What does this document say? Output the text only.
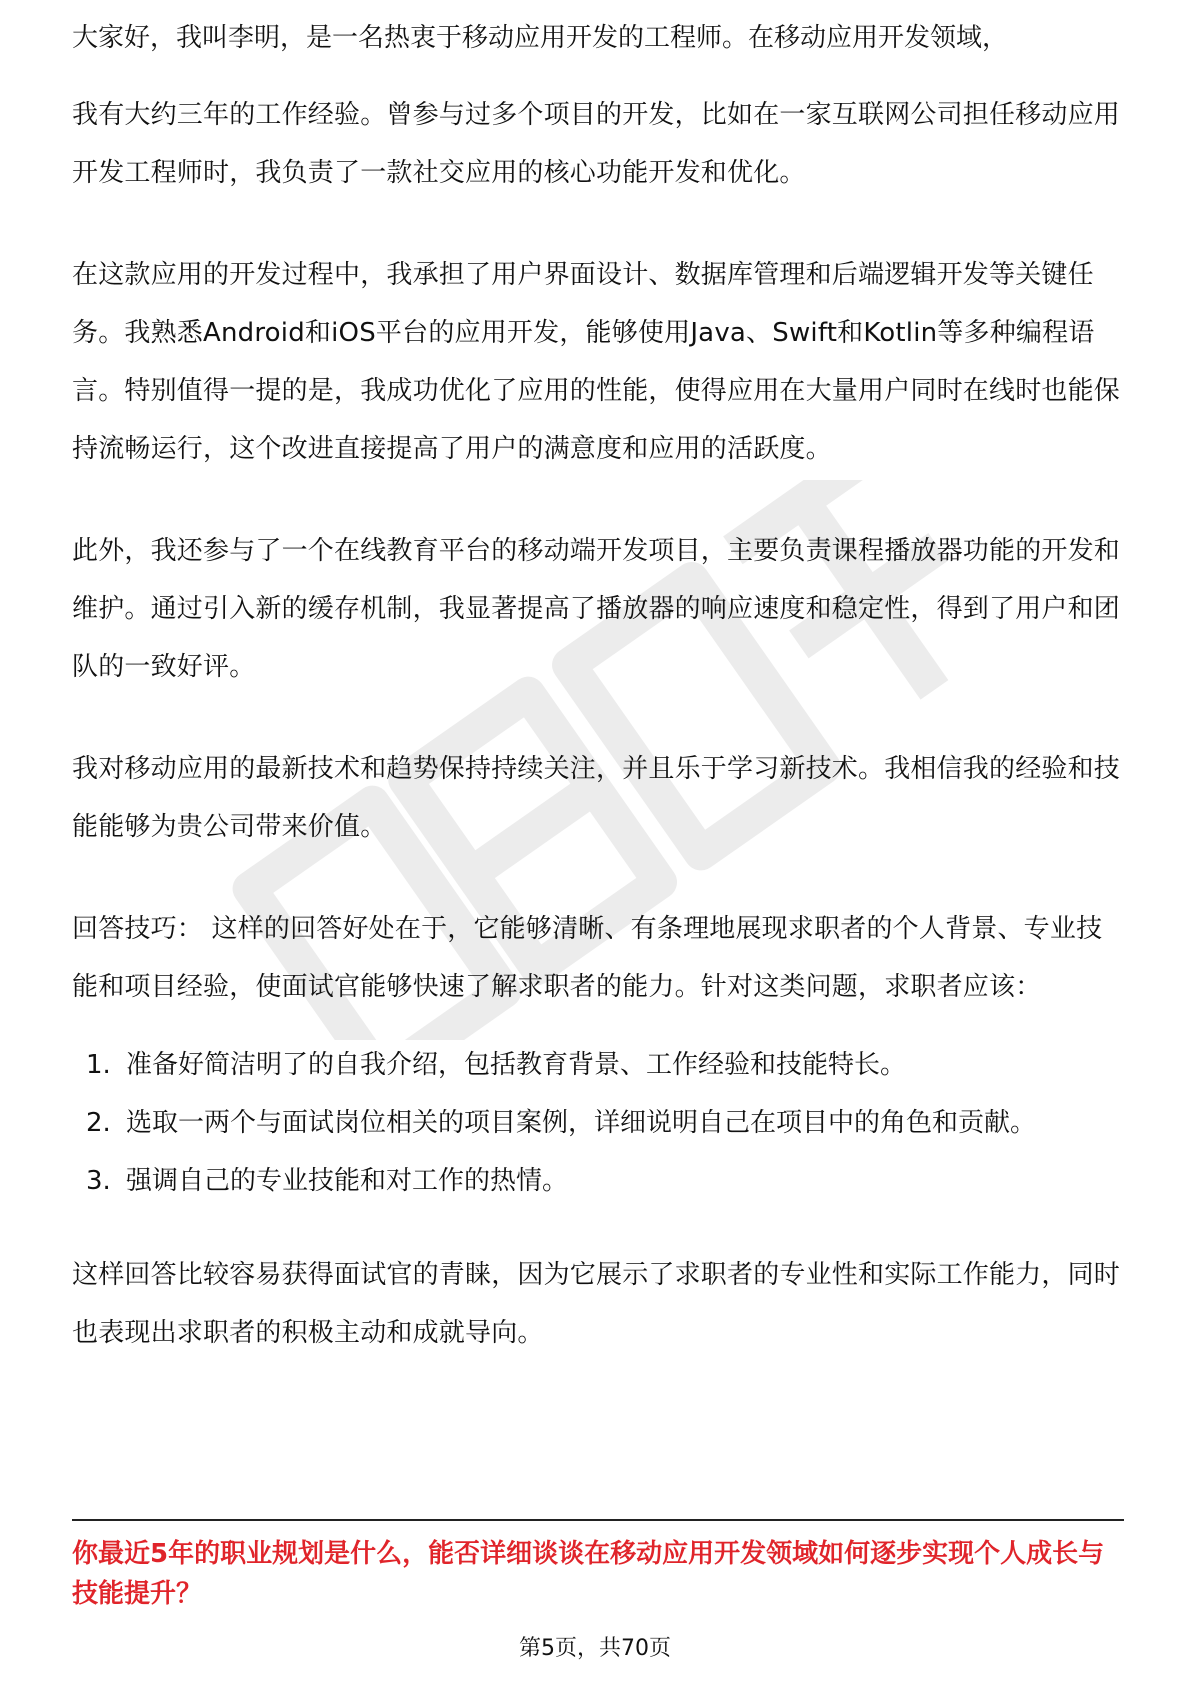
大家好，我叫李明，是一名热衷于移动应用开发的工程师。在移动应用开发领域，

我有大约三年的工作经验。曾参与过多个项目的开发，比如在一家互联网公司担任移动应用开发工程师时，我负责了一款社交应用的核心功能开发和优化。

在这款应用的开发过程中，我承担了用户界面设计、数据库管理和后端逻辑开发等关键任务。我熟悉Android和iOS平台的应用开发，能够使用Java、Swift和Kotlin等多种编程语言。特别值得一提的是，我成功优化了应用的性能，使得应用在大量用户同时在线时也能保持流畅运行，这个改进直接提高了用户的满意度和应用的活跃度。

此外，我还参与了一个在线教育平台的移动端开发项目，主要负责课程播放器功能的开发和维护。通过引入新的缓存机制，我显著提高了播放器的响应速度和稳定性，得到了用户和团队的一致好评。

我对移动应用的最新技术和趋势保持持续关注，并且乐于学习新技术。我相信我的经验和技能能够为贵公司带来价值。

回答技巧： 这样的回答好处在于，它能够清晰、有条理地展现求职者的个人背景、专业技能和项目经验，使面试官能够快速了解求职者的能力。针对这类问题，求职者应该：

1. 准备好简洁明了的自我介绍，包括教育背景、工作经验和技能特长。
2. 选取一两个与面试岗位相关的项目案例，详细说明自己在项目中的角色和贡献。
3. 强调自己的专业技能和对工作的热情。

这样回答比较容易获得面试官的青睐，因为它展示了求职者的专业性和实际工作能力，同时也表现出求职者的积极主动和成就导向。

你最近5年的职业规划是什么，能否详细谈谈在移动应用开发领域如何逐步实现个人成长与技能提升？
第5页，共70页
